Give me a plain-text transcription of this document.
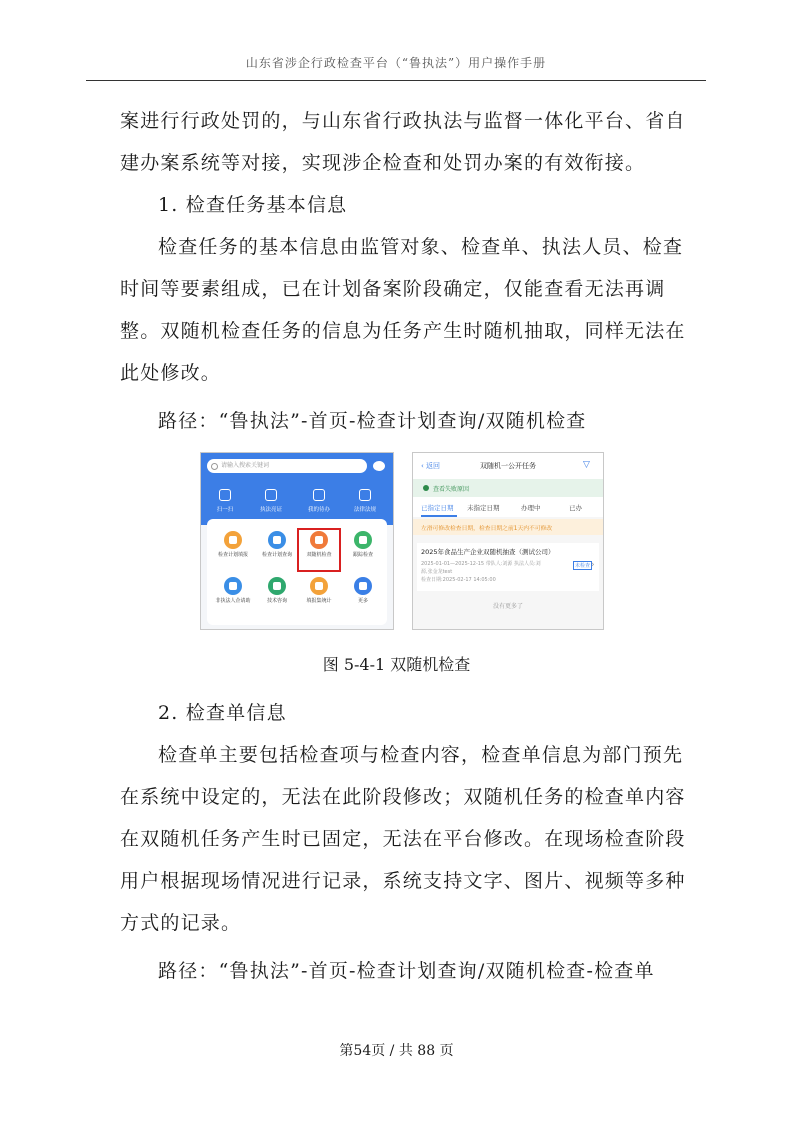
山东省涉企行政检查平台（“鲁执法”）用户操作手册

案进行行政处罚的，与山东省行政执法与监督一体化平台、省自建办案系统等对接，实现涉企检查和处罚办案的有效衔接。

1. 检查任务基本信息

检查任务的基本信息由监管对象、检查单、执法人员、检查时间等要素组成，已在计划备案阶段确定，仅能查看无法再调整。双随机检查任务的信息为任务产生时随机抽取，同样无法在此处修改。

路径：“鲁执法”-首页-检查计划查询/双随机检查

请输入搜索关键词
扫一扫	执法亮证	我的待办	法律法规
检查计划填报	检查计划查询	双随机检查	跟踪检查
非执法人企请助	技术咨询	填报集统计	更多
‹ 返回	双随机一公开任务	▽
查看失败原因
已指定日期 未指定日期	办理中	已办
左滑可修改检查日期，检查日期之前1天内不可修改
2025年食品生产企业双随机抽查（测试公司）
2025-01-01—2025-12-15 带队人:刘源 执法人员:刘
源,张金龙test
检查日期:2025-02-17 14:05:00
未检查 ›
没有更多了
图 5-4-1 双随机检查

2. 检查单信息

检查单主要包括检查项与检查内容，检查单信息为部门预先在系统中设定的，无法在此阶段修改；双随机任务的检查单内容在双随机任务产生时已固定，无法在平台修改。在现场检查阶段用户根据现场情况进行记录，系统支持文字、图片、视频等多种方式的记录。

路径：“鲁执法”-首页-检查计划查询/双随机检查-检查单

第54页 / 共 88 页
